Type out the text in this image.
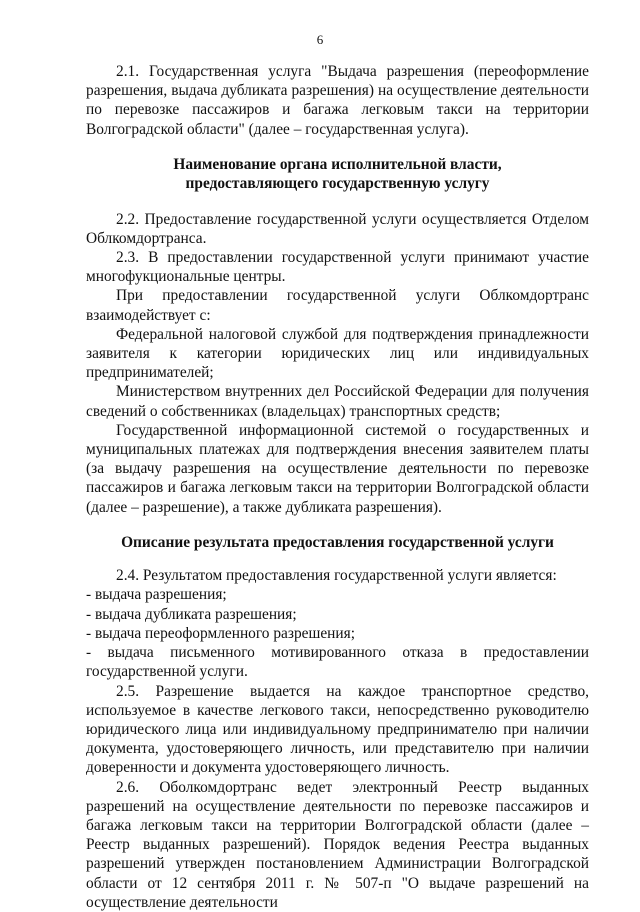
6

2.1. Государственная услуга "Выдача разрешения (переоформление разрешения, выдача дубликата разрешения) на осуществление деятельности по перевозке пассажиров и багажа легковым такси на территории Волгоградской области" (далее – государственная услуга).

Наименование органа исполнительной власти,
предоставляющего государственную услугу

2.2. Предоставление государственной услуги осуществляется Отделом Облкомдортранса.

2.3. В предоставлении государственной услуги принимают участие многофукциональные центры.

При предоставлении государственной услуги Облкомдортранс взаимодействует с:

Федеральной налоговой службой для подтверждения принадлежности заявителя к категории юридических лиц или индивидуальных предпринимателей;

Министерством внутренних дел Российской Федерации для получения сведений о собственниках (владельцах) транспортных средств;

Государственной информационной системой о государственных и муниципальных платежах для подтверждения внесения заявителем платы (за выдачу разрешения на осуществление деятельности по перевозке пассажиров и багажа легковым такси на территории Волгоградской области (далее – разрешение), а также дубликата разрешения).

Описание результата предоставления государственной услуги

2.4. Результатом предоставления государственной услуги является:

- выдача разрешения;

- выдача дубликата разрешения;

- выдача переоформленного разрешения;

- выдача письменного мотивированного отказа в предоставлении государственной услуги.

2.5. Разрешение выдается на каждое транспортное средство, используемое в качестве легкового такси, непосредственно руководителю юридического лица или индивидуальному предпринимателю при наличии документа, удостоверяющего личность, или представителю при наличии доверенности и документа удостоверяющего личность.

2.6. Оболкомдортранс ведет электронный Реестр выданных разрешений на осуществление деятельности по перевозке пассажиров и багажа легковым такси на территории Волгоградской области (далее – Реестр выданных разрешений). Порядок ведения Реестра выданных разрешений утвержден постановлением Администрации Волгоградской области от 12 сентября 2011 г. № 507-п "О выдаче разрешений на осуществление деятельности
